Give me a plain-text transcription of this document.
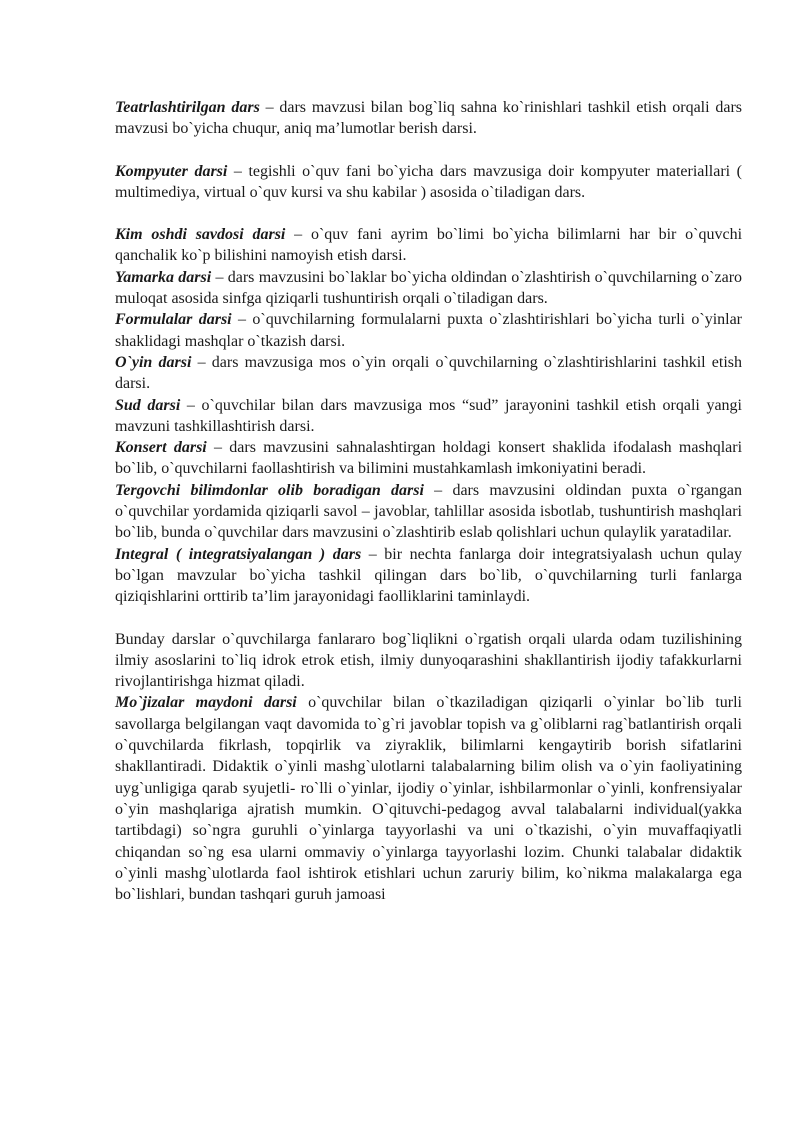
Teatrlashtirilgan dars – dars mavzusi bilan bog`liq sahna ko`rinishlari tashkil etish orqali dars mavzusi bo`yicha chuqur, aniq ma’lumotlar berish darsi.

Kompyuter darsi – tegishli o`quv fani bo`yicha dars mavzusiga doir kompyuter materiallari ( multimediya, virtual o`quv kursi va shu kabilar ) asosida o`tiladigan dars.

Kim oshdi savdosi darsi – o`quv fani ayrim bo`limi bo`yicha bilimlarni har bir o`quvchi qanchalik ko`p bilishini namoyish etish darsi.

Yamarka darsi – dars mavzusini bo`laklar bo`yicha oldindan o`zlashtirish o`quvchilarning o`zaro muloqat asosida sinfga qiziqarli tushuntirish orqali o`tiladigan dars.

Formulalar darsi – o`quvchilarning formulalarni puxta o`zlashtirishlari bo`yicha turli o`yinlar shaklidagi mashqlar o`tkazish darsi.

O`yin darsi – dars mavzusiga mos o`yin orqali o`quvchilarning o`zlashtirishlarini tashkil etish darsi.

Sud darsi – o`quvchilar bilan dars mavzusiga mos “sud” jarayonini tashkil etish orqali yangi mavzuni tashkillashtirish darsi.

Konsert darsi – dars mavzusini sahnalashtirgan holdagi konsert shaklida ifodalash mashqlari bo`lib, o`quvchilarni faollashtirish va bilimini mustahkamlash imkoniyatini beradi.

Tergovchi bilimdonlar olib boradigan darsi – dars mavzusini oldindan puxta o`rgangan o`quvchilar yordamida qiziqarli savol – javoblar, tahlillar asosida isbotlab, tushuntirish mashqlari bo`lib, bunda o`quvchilar dars mavzusini o`zlashtirib eslab qolishlari uchun qulaylik yaratadilar.

Integral ( integratsiyalangan ) dars – bir nechta fanlarga doir integratsiyalash uchun qulay bo`lgan mavzular bo`yicha tashkil qilingan dars bo`lib, o`quvchilarning turli fanlarga qiziqishlarini orttirib ta’lim jarayonidagi faolliklarini taminlaydi.

Bunday darslar o`quvchilarga fanlararo bog`liqlikni o`rgatish orqali ularda odam tuzilishining ilmiy asoslarini to`liq idrok etrok etish, ilmiy dunyoqarashini shakllantirish ijodiy tafakkurlarni rivojlantirishga hizmat qiladi.

Mo`jizalar maydoni darsi o`quvchilar bilan o`tkaziladigan qiziqarli o`yinlar bo`lib turli savollarga belgilangan vaqt davomida to`g`ri javoblar topish va g`oliblarni rag`batlantirish orqali o`quvchilarda fikrlash, topqirlik va ziyraklik, bilimlarni kengaytirib borish sifatlarini shakllantiradi. Didaktik o`yinli mashg`ulotlarni talabalarning bilim olish va o`yin faoliyatining uyg`unligiga qarab syujetli- ro`lli o`yinlar, ijodiy o`yinlar, ishbilarmonlar o`yinli, konfrensiyalar o`yin mashqlariga ajratish mumkin. O`qituvchi-pedagog avval talabalarni individual(yakka tartibdagi) so`ngra guruhli o`yinlarga tayyorlashi va uni o`tkazishi, o`yin muvaffaqiyatli chiqandan so`ng esa ularni ommaviy o`yinlarga tayyorlashi lozim. Chunki talabalar didaktik o`yinli mashg`ulotlarda faol ishtirok etishlari uchun zaruriy bilim, ko`nikma malakalarga ega bo`lishlari, bundan tashqari guruh jamoasi
